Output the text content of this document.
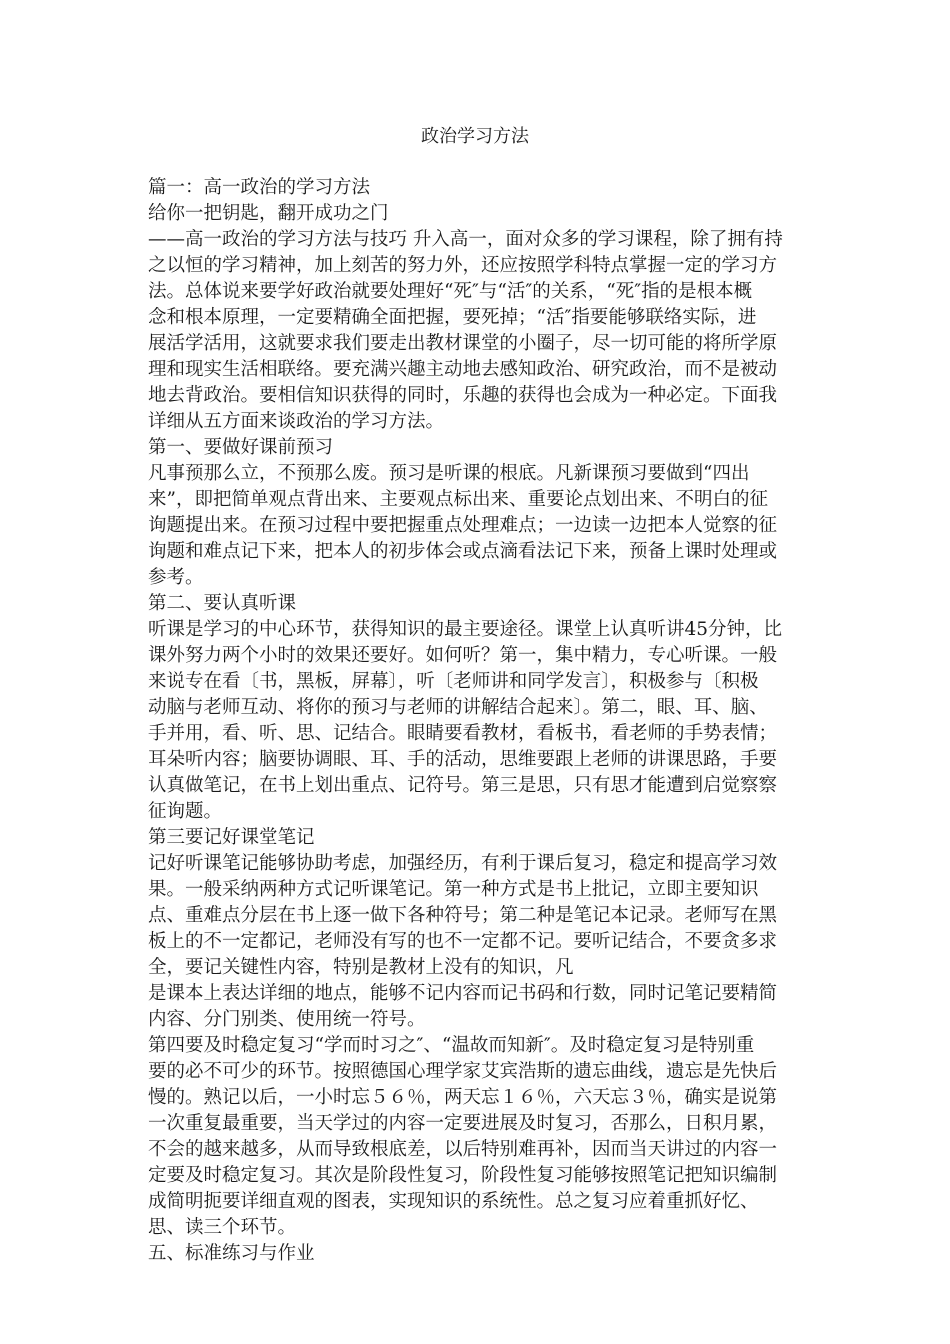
政治学习方法
篇一：高一政治的学习方法
给你一把钥匙，翻开成功之门
——高一政治的学习方法与技巧 升入高一，面对众多的学习课程，除了拥有持
之以恒的学习精神，加上刻苦的努力外，还应按照学科特点掌握一定的学习方
法。总体说来要学好政治就要处理好“死″与“活″的关系，“死″指的是根本概
念和根本原理，一定要精确全面把握，要死掉；“活″指要能够联络实际，进
展活学活用，这就要求我们要走出教材课堂的小圈子，尽一切可能的将所学原
理和现实生活相联络。要充满兴趣主动地去感知政治、研究政治，而不是被动
地去背政治。要相信知识获得的同时，乐趣的获得也会成为一种必定。下面我
详细从五方面来谈政治的学习方法。
第一、要做好课前预习
凡事预那么立，不预那么废。预习是听课的根底。凡新课预习要做到“四出
来”，即把简单观点背出来、主要观点标出来、重要论点划出来、不明白的征
询题提出来。在预习过程中要把握重点处理难点；一边读一边把本人觉察的征
询题和难点记下来，把本人的初步体会或点滴看法记下来，预备上课时处理或
参考。
第二、要认真听课
听课是学习的中心环节，获得知识的最主要途径。课堂上认真听讲45分钟，比
课外努力两个小时的效果还要好。如何听？第一，集中精力，专心听课。一般
来说专在看〔书，黑板，屏幕〕，听〔老师讲和同学发言〕，积极参与〔积极
动脑与老师互动、将你的预习与老师的讲解结合起来〕。第二，眼、耳、脑、
手并用，看、听、思、记结合。眼睛要看教材，看板书，看老师的手势表情；
耳朵听内容；脑要协调眼、耳、手的活动，思维要跟上老师的讲课思路，手要
认真做笔记，在书上划出重点、记符号。第三是思，只有思才能遭到启觉察察
征询题。
第三要记好课堂笔记
记好听课笔记能够协助考虑，加强经历，有利于课后复习，稳定和提高学习效
果。一般采纳两种方式记听课笔记。第一种方式是书上批记，立即主要知识
点、重难点分层在书上逐一做下各种符号；第二种是笔记本记录。老师写在黑
板上的不一定都记，老师没有写的也不一定都不记。要听记结合，不要贪多求
全，要记关键性内容，特别是教材上没有的知识，凡
是课本上表达详细的地点，能够不记内容而记书码和行数，同时记笔记要精简
内容、分门别类、使用统一符号。
第四要及时稳定复习“学而时习之″、“温故而知新″。及时稳定复习是特别重
要的必不可少的环节。按照德国心理学家艾宾浩斯的遗忘曲线，遗忘是先快后
慢的。熟记以后，一小时忘５６％，两天忘１６％，六天忘３％，确实是说第
一次重复最重要，当天学过的内容一定要进展及时复习，否那么，日积月累，
不会的越来越多，从而导致根底差，以后特别难再补，因而当天讲过的内容一
定要及时稳定复习。其次是阶段性复习，阶段性复习能够按照笔记把知识编制
成简明扼要详细直观的图表，实现知识的系统性。总之复习应着重抓好忆、
思、读三个环节。
五、标准练习与作业
